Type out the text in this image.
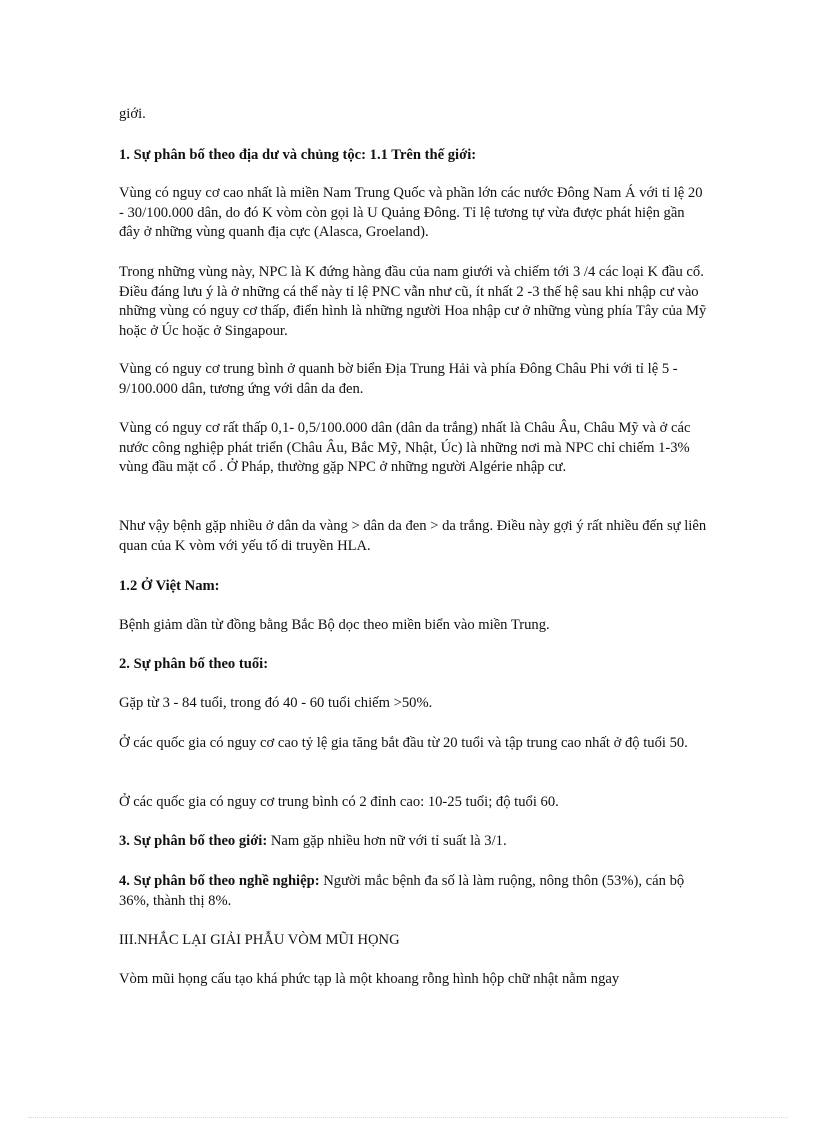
giới.

1. Sự phân bố theo địa dư và chủng tộc: 1.1 Trên thế giới:

Vùng có nguy cơ cao nhất là miền Nam Trung Quốc và phần lớn các nước Đông Nam Á với tỉ lệ 20 - 30/100.000 dân, do đó K vòm còn gọi là U Quảng Đông. Tỉ lệ tương tự vừa được phát hiện gần đây ở những vùng quanh địa cực (Alasca, Groeland).

Trong những vùng này, NPC là K đứng hàng đầu của nam giưới và chiếm tới 3 /4 các loại K đầu cổ. Điều đáng lưu ý là ở những cá thể này tỉ lệ PNC vẫn như cũ, ít nhất 2 -3 thế hệ sau khi nhập cư vào những vùng có nguy cơ thấp, điển hình là những người Hoa nhập cư ở những vùng phía Tây của Mỹ hoặc ở Úc hoặc ở Singapour.

Vùng có nguy cơ trung bình ở quanh bờ biển Địa Trung Hải và phía Đông Châu Phi với tỉ lệ 5 - 9/100.000 dân, tương ứng với dân da đen.

Vùng có nguy cơ rất thấp 0,1- 0,5/100.000 dân (dân da trắng) nhất là Châu Âu, Châu Mỹ và ở các nước công nghiệp phát triển (Châu Âu, Bắc Mỹ, Nhật, Úc) là những nơi mà NPC chỉ chiếm 1-3% vùng đầu mặt cổ . Ở Pháp, thường gặp NPC ở những người Algérie nhập cư.

Như vậy bệnh gặp nhiều ở dân da vàng > dân da đen > da trắng. Điều này gợi ý rất nhiều đến sự liên quan của K vòm với yếu tố di truyền HLA.

1.2 Ở Việt Nam:

Bệnh giảm dần từ đồng bằng Bắc Bộ dọc theo miền biển vào miền Trung.

2. Sự phân bố theo tuổi:

Gặp từ 3 - 84 tuổi, trong đó 40 - 60 tuổi chiếm >50%.

Ở các quốc gia có nguy cơ cao tỷ lệ gia tăng bắt đầu từ 20 tuổi và tập trung cao nhất ở độ tuổi 50.

Ở các quốc gia có nguy cơ trung bình có 2 đỉnh cao: 10-25 tuổi; độ tuổi 60.

3. Sự phân bố theo giới: Nam gặp nhiều hơn nữ với tỉ suất là 3/1.

4. Sự phân bố theo nghề nghiệp: Người mắc bệnh đa số là làm ruộng, nông thôn (53%), cán bộ 36%, thành thị 8%.

III.NHẮC LẠI GIẢI PHẪU VÒM MŨI HỌNG

Vòm mũi họng cấu tạo khá phức tạp là một khoang rỗng hình hộp chữ nhật nằm ngay
